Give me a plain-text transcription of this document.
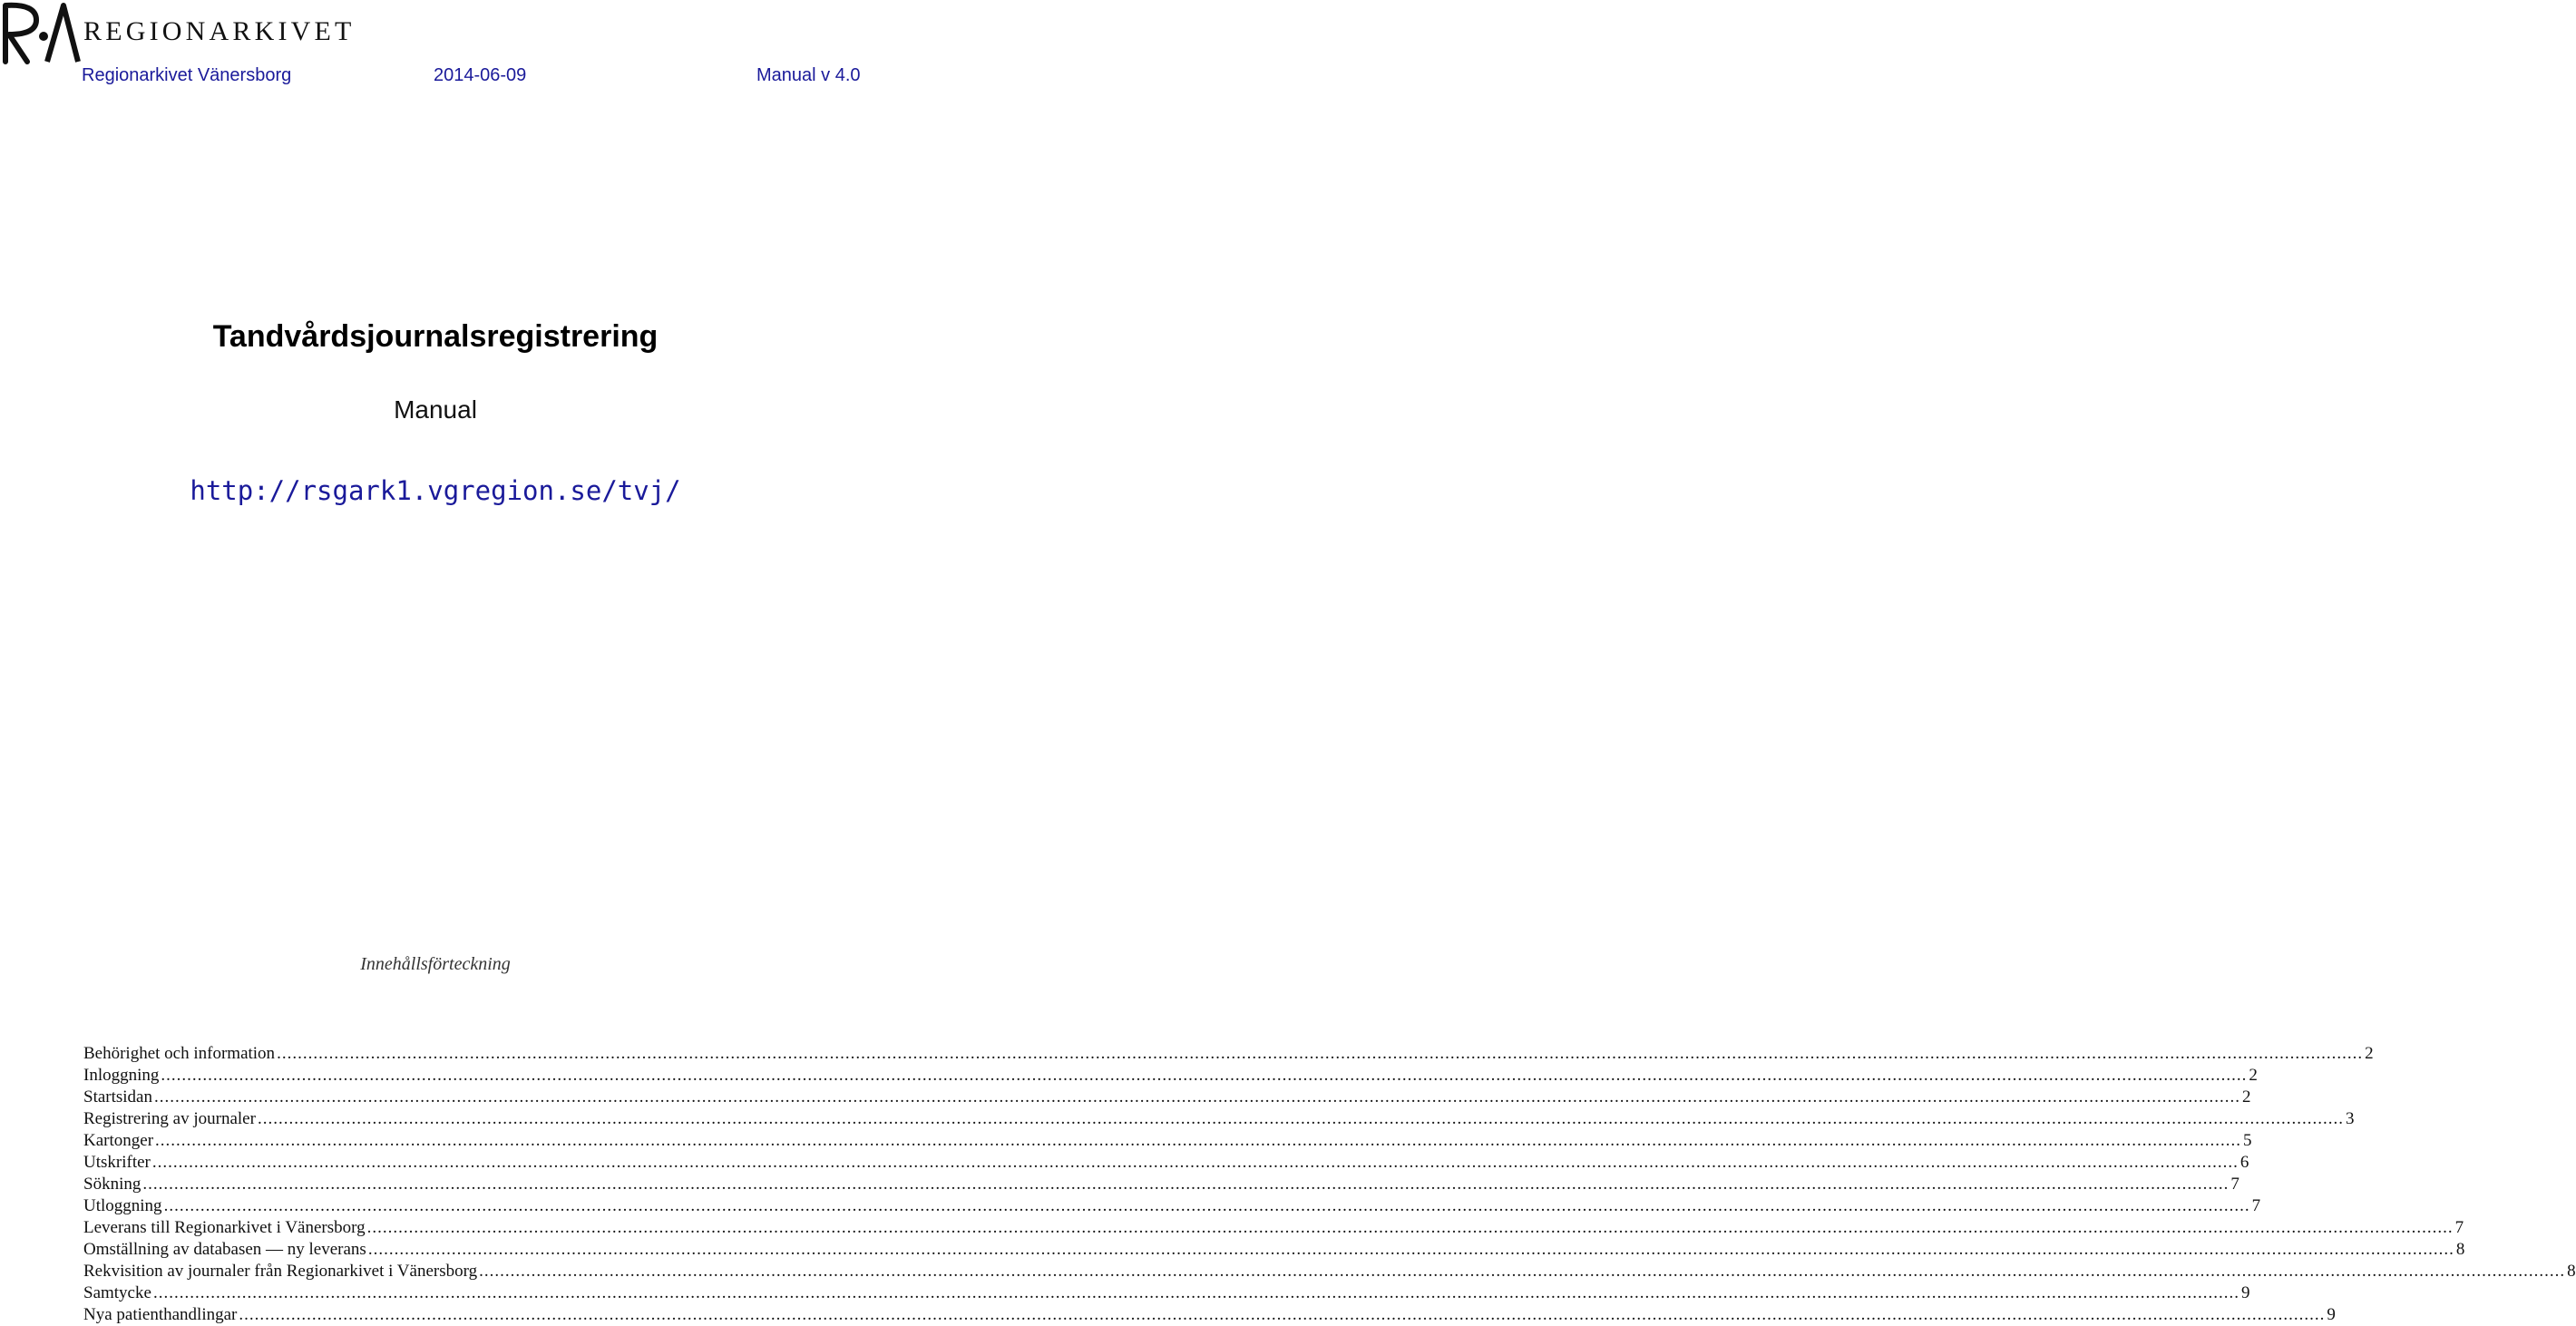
REGIONARKIVET
Regionarkivet Vänersborg	2014-06-09	Manual v 4.0
Tandvårdsjournalsregistrering
Manual
http://rsgark1.vgregion.se/tvj/
Innehållsförteckning
Behörighet och information ................................................................................................................................................................................................................................................................................................................................................................................................................ 2
Inloggning ................................................................................................................................................................................................................................................................................................................................................................................................................ 2
Startsidan ................................................................................................................................................................................................................................................................................................................................................................................................................ 2
Registrering av journaler ................................................................................................................................................................................................................................................................................................................................................................................................................ 3
Kartonger ................................................................................................................................................................................................................................................................................................................................................................................................................ 5
Utskrifter ................................................................................................................................................................................................................................................................................................................................................................................................................ 6
Sökning ................................................................................................................................................................................................................................................................................................................................................................................................................ 7
Utloggning ................................................................................................................................................................................................................................................................................................................................................................................................................ 7
Leverans till Regionarkivet i Vänersborg ................................................................................................................................................................................................................................................................................................................................................................................................................ 7
Omställning av databasen — ny leverans ................................................................................................................................................................................................................................................................................................................................................................................................................ 8
Rekvisition av journaler från Regionarkivet i Vänersborg ................................................................................................................................................................................................................................................................................................................................................................................................................ 8
Samtycke ................................................................................................................................................................................................................................................................................................................................................................................................................ 9
Nya patienthandlingar ................................................................................................................................................................................................................................................................................................................................................................................................................ 9
